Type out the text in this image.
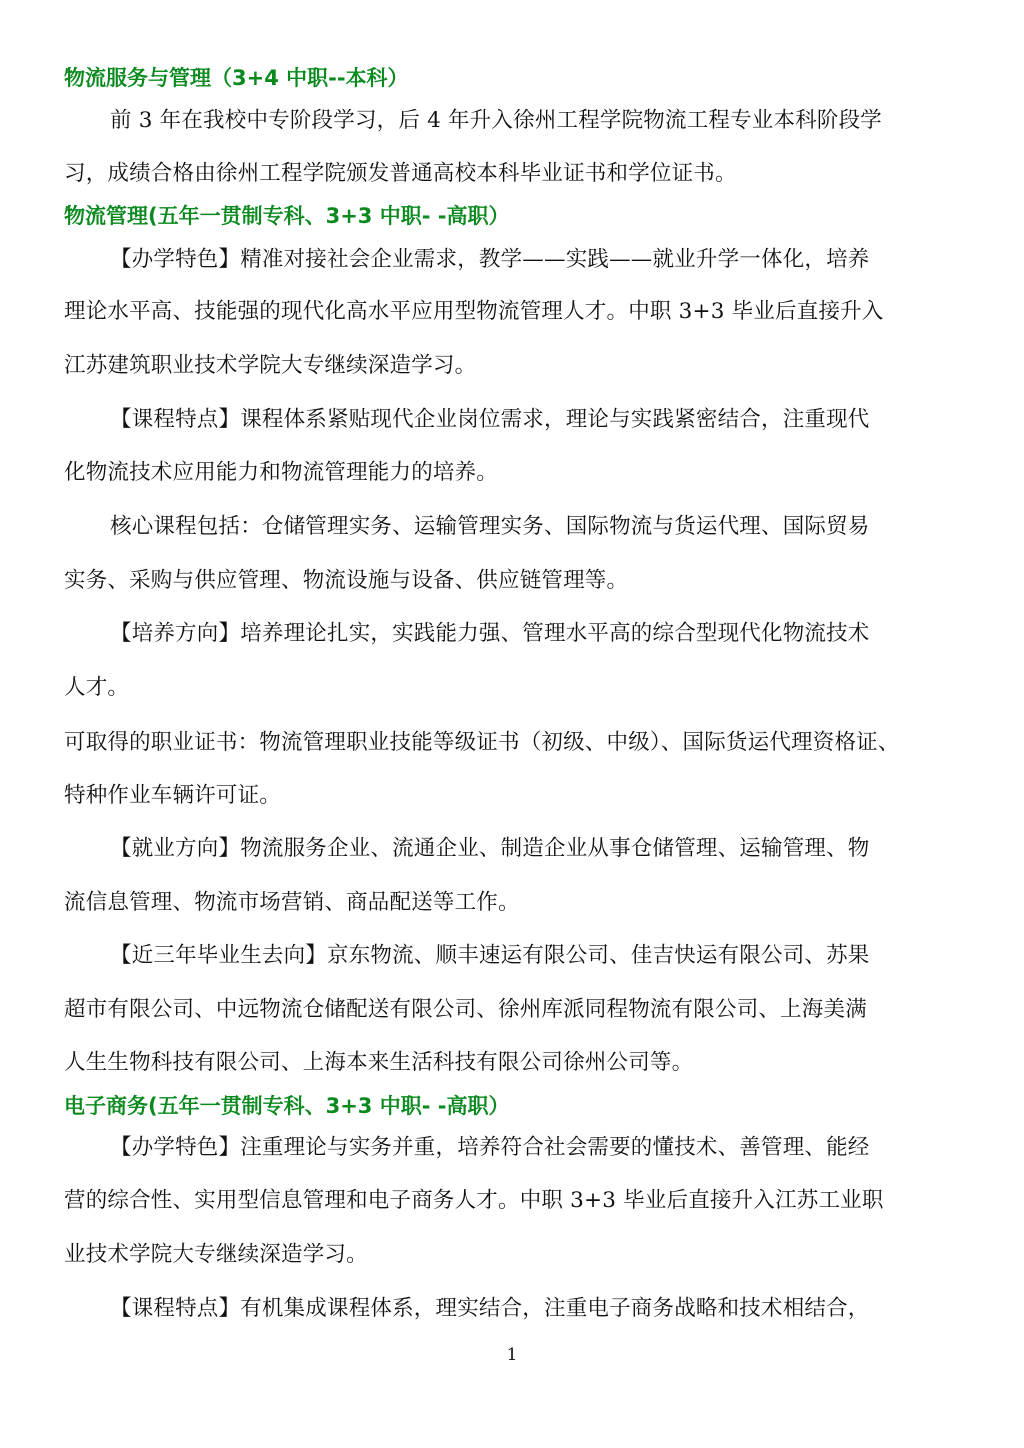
物流服务与管理（3+4 中职--本科）
前 3 年在我校中专阶段学习，后 4 年升入徐州工程学院物流工程专业本科阶段学
习，成绩合格由徐州工程学院颁发普通高校本科毕业证书和学位证书。
物流管理(五年一贯制专科、3+3 中职- -高职）
【办学特色】精准对接社会企业需求，教学——实践——就业升学一体化，培养
理论水平高、技能强的现代化高水平应用型物流管理人才。中职 3+3 毕业后直接升入
江苏建筑职业技术学院大专继续深造学习。
【课程特点】课程体系紧贴现代企业岗位需求，理论与实践紧密结合，注重现代
化物流技术应用能力和物流管理能力的培养。
核心课程包括：仓储管理实务、运输管理实务、国际物流与货运代理、国际贸易
实务、采购与供应管理、物流设施与设备、供应链管理等。
【培养方向】培养理论扎实，实践能力强、管理水平高的综合型现代化物流技术
人才。
可取得的职业证书：物流管理职业技能等级证书（初级、中级）、国际货运代理资格证、
特种作业车辆许可证。
【就业方向】物流服务企业、流通企业、制造企业从事仓储管理、运输管理、物
流信息管理、物流市场营销、商品配送等工作。
【近三年毕业生去向】京东物流、顺丰速运有限公司、佳吉快运有限公司、苏果
超市有限公司、中远物流仓储配送有限公司、徐州库派同程物流有限公司、上海美满
人生生物科技有限公司、上海本来生活科技有限公司徐州公司等。
电子商务(五年一贯制专科、3+3 中职- -高职）
【办学特色】注重理论与实务并重，培养符合社会需要的懂技术、善管理、能经
营的综合性、实用型信息管理和电子商务人才。中职 3+3 毕业后直接升入江苏工业职
业技术学院大专继续深造学习。
【课程特点】有机集成课程体系，理实结合，注重电子商务战略和技术相结合，
1
